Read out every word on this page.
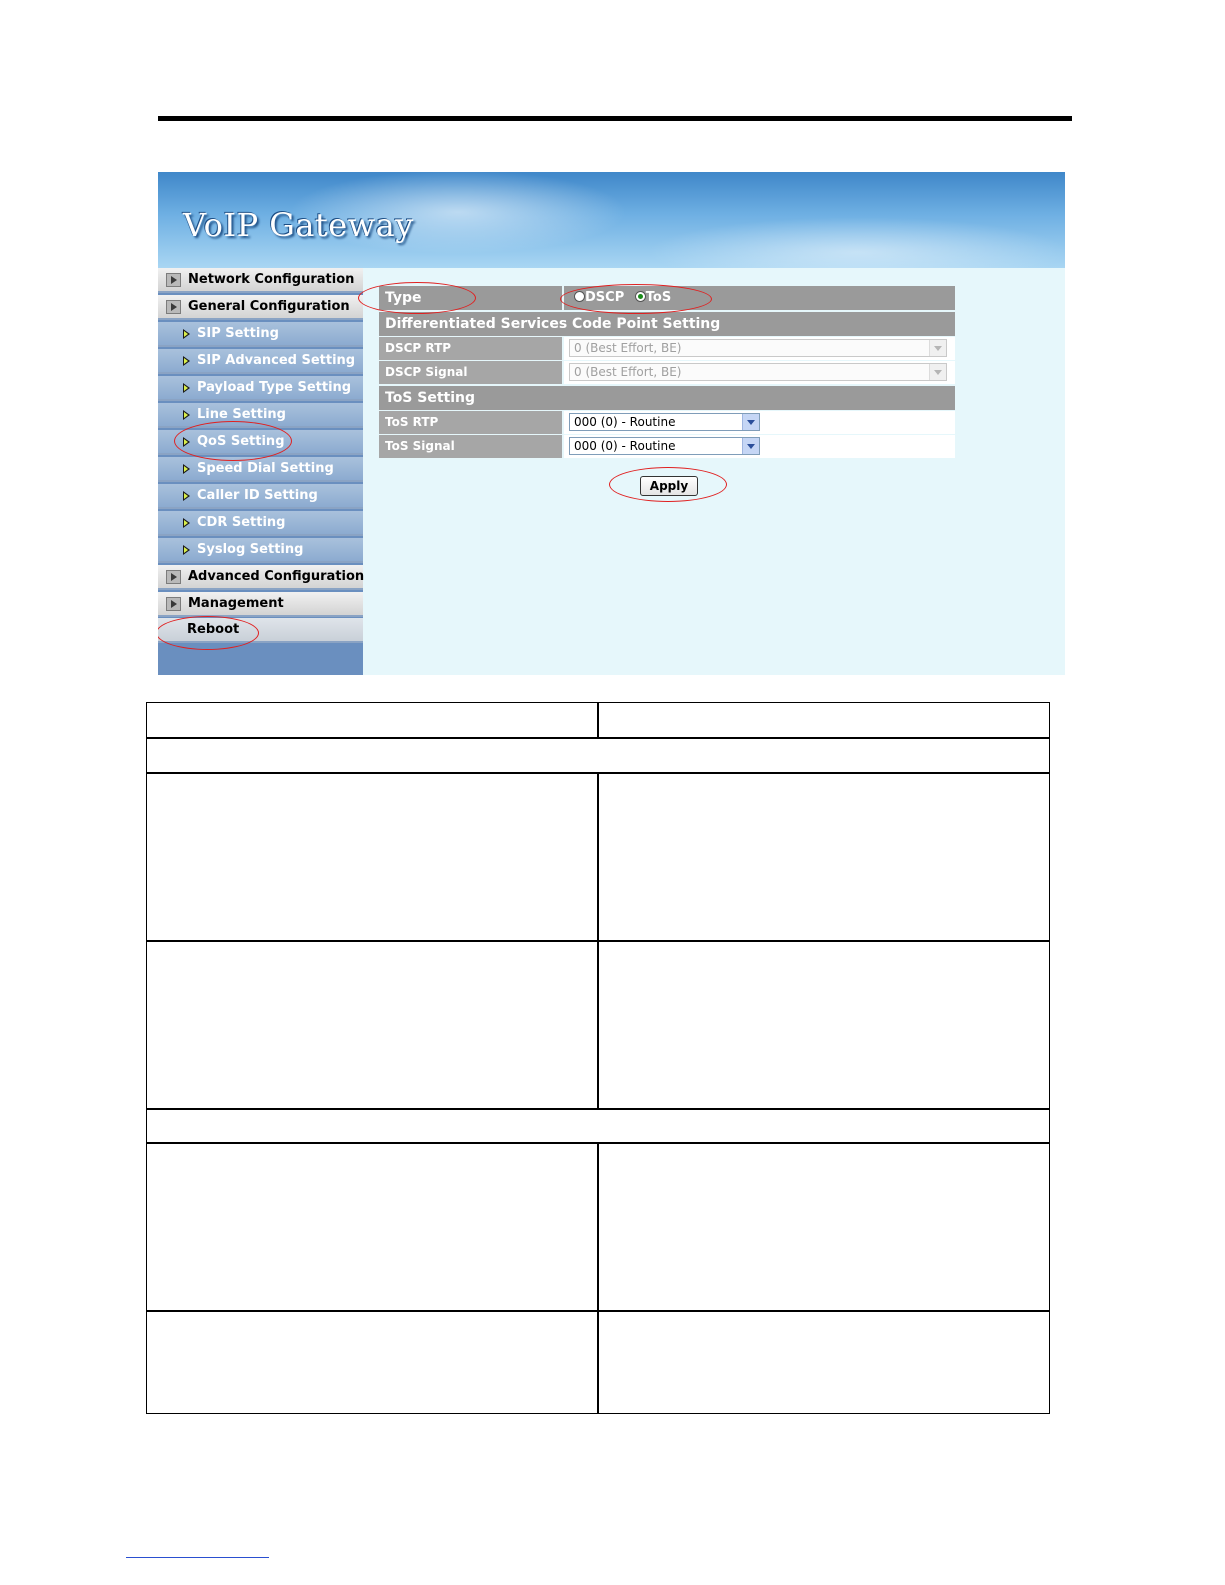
VoIP Gateway
Network Configuration
General Configuration
SIP Setting
SIP Advanced Setting
Payload Type Setting
Line Setting
QoS Setting
Speed Dial Setting
Caller ID Setting
CDR Setting
Syslog Setting
Advanced Configuration
Management
Reboot
Type	DSCP ToS
Differentiated Services Code Point Setting
DSCP RTP	0 (Best Effort, BE)
DSCP Signal	0 (Best Effort, BE)
ToS Setting
ToS RTP	000 (0) - Routine
ToS Signal	000 (0) - Routine
Apply
